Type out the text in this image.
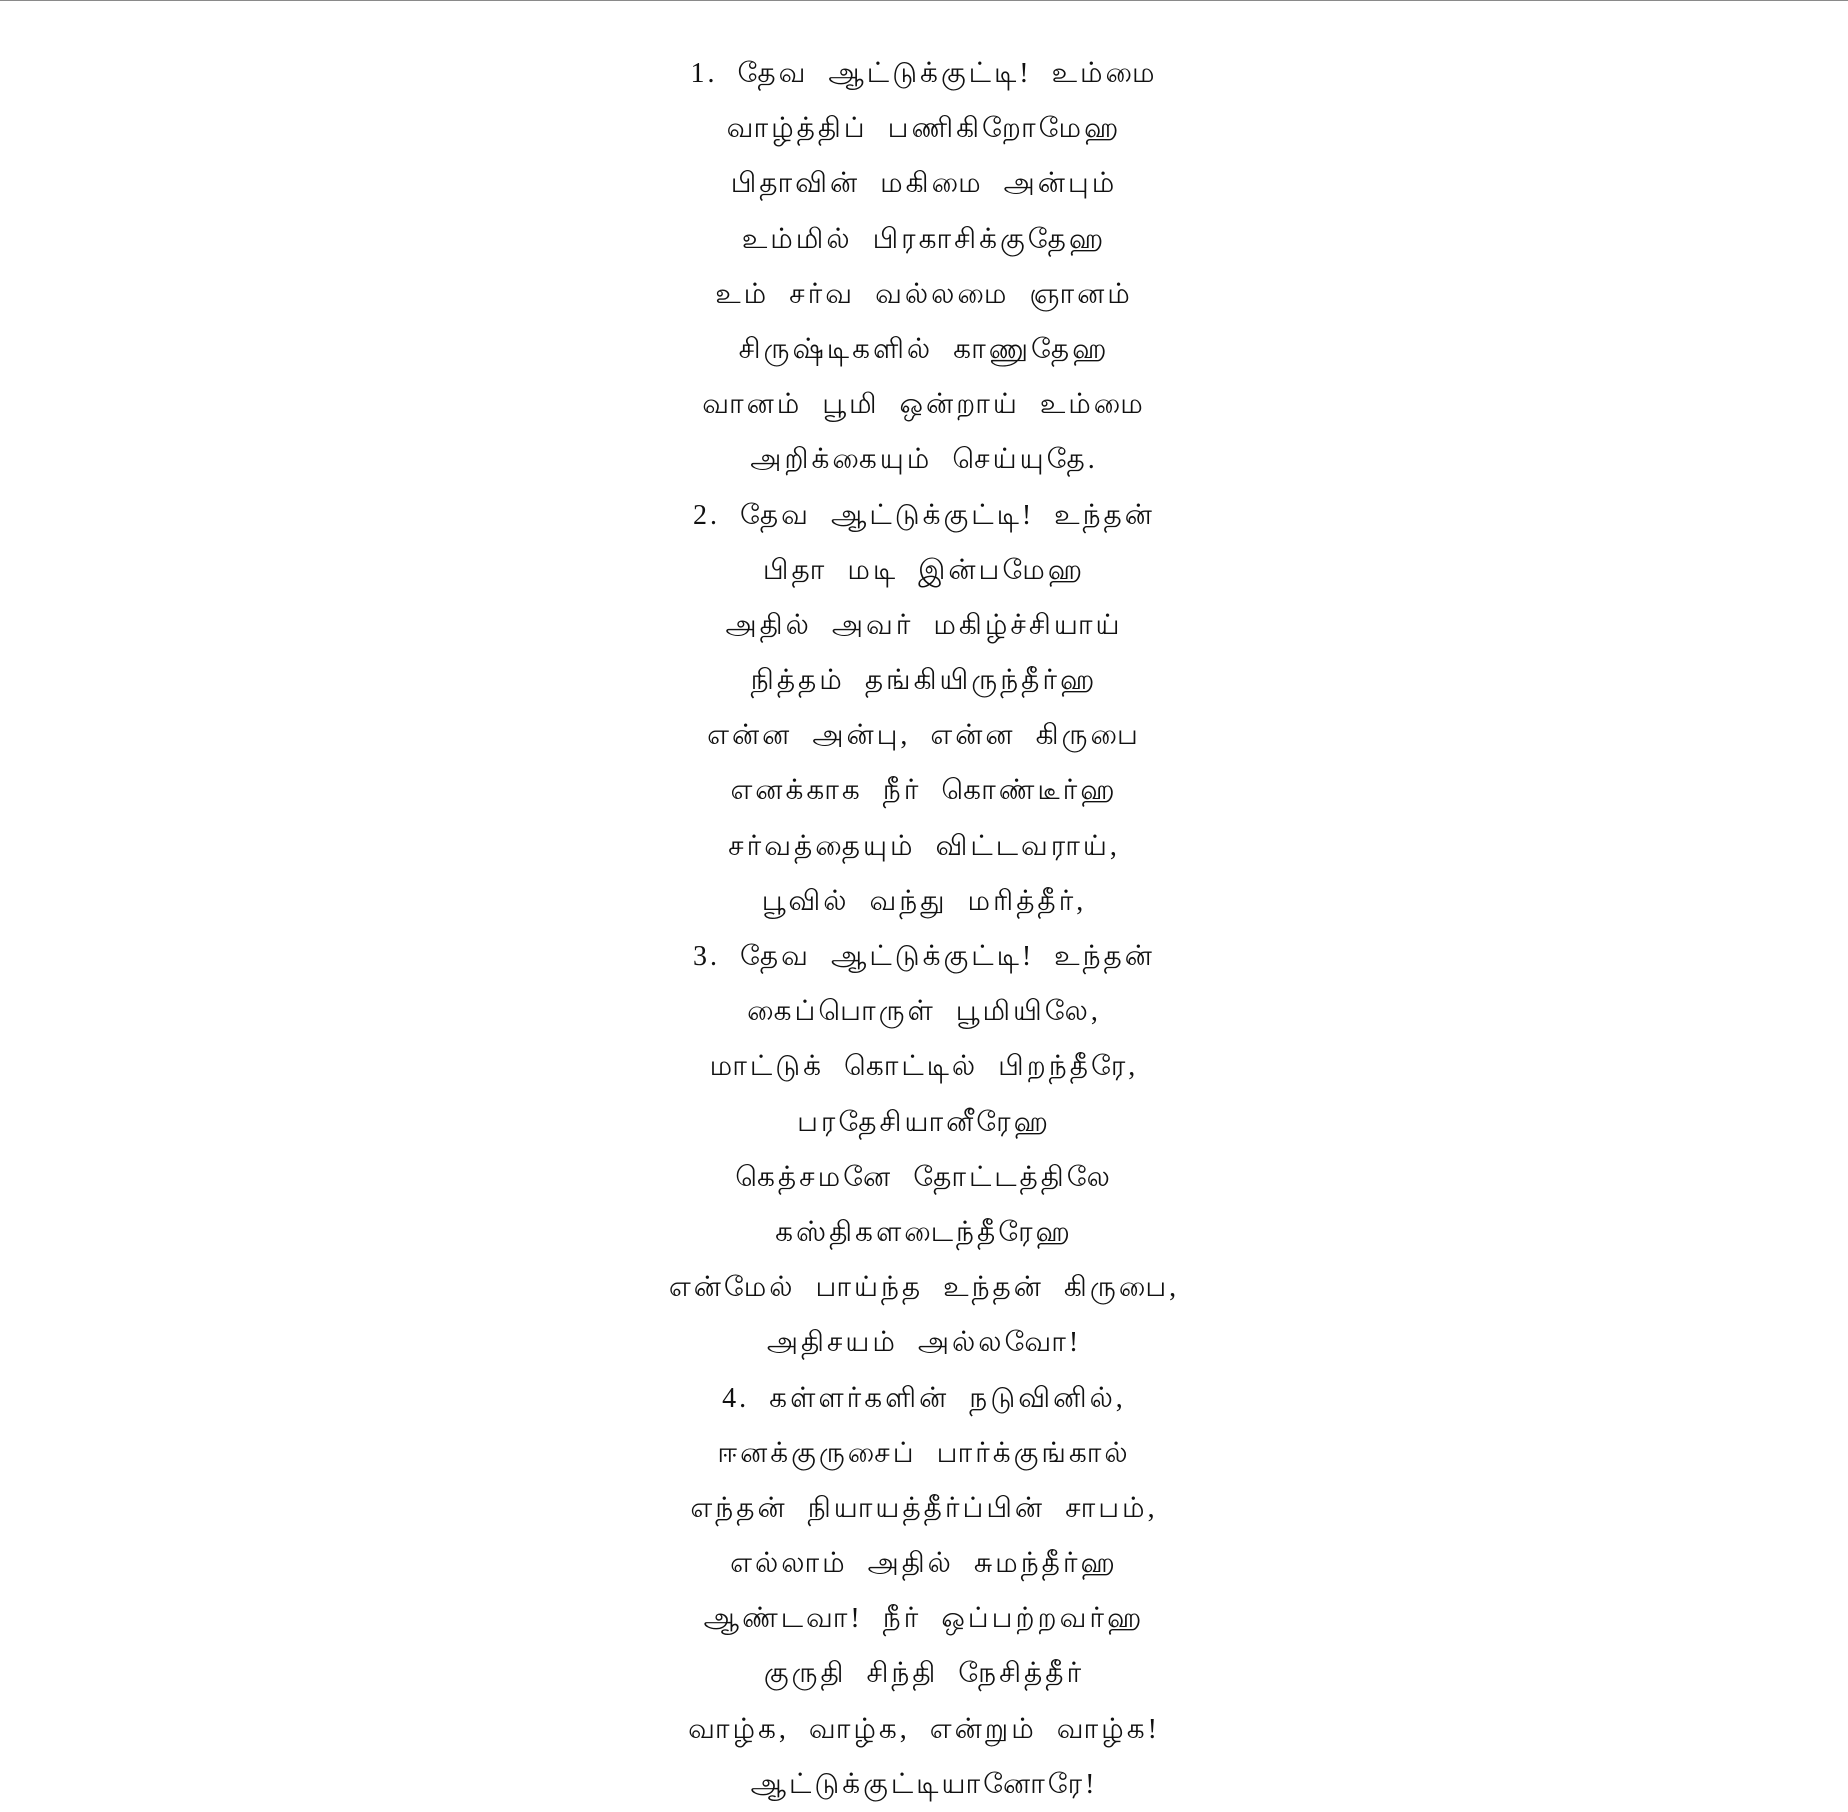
1. தேவ ஆட்டுக்குட்டி! உம்மை
வாழ்த்திப் பணிகிறோமேஹ
பிதாவின் மகிமை அன்பும்
உம்மில் பிரகாசிக்குதேஹ
உம் சர்வ வல்லமை ஞானம்
சிருஷ்டிகளில் காணுதேஹ
வானம் பூமி ஒன்றாய் உம்மை
அறிக்கையும் செய்யுதே.
2. தேவ ஆட்டுக்குட்டி! உந்தன்
பிதா மடி இன்பமேஹ
அதில் அவர் மகிழ்ச்சியாய்
நித்தம் தங்கியிருந்தீர்ஹ
என்ன அன்பு, என்ன கிருபை
எனக்காக நீர் கொண்டீர்ஹ
சர்வத்தையும் விட்டவராய்,
பூவில் வந்து மரித்தீர்,
3. தேவ ஆட்டுக்குட்டி! உந்தன்
கைப்பொருள் பூமியிலே,
மாட்டுக் கொட்டில் பிறந்தீரே,
பரதேசியானீரேஹ
கெத்சமனே தோட்டத்திலே
கஸ்திகளடைந்தீரேஹ
என்மேல் பாய்ந்த உந்தன் கிருபை,
அதிசயம் அல்லவோ!
4. கள்ளர்களின் நடுவினில்,
ஈனக்குருசைப் பார்க்குங்கால்
எந்தன் நியாயத்தீர்ப்பின் சாபம்,
எல்லாம் அதில் சுமந்தீர்ஹ
ஆண்டவா! நீர் ஒப்பற்றவர்ஹ
குருதி சிந்தி நேசித்தீர்
வாழ்க, வாழ்க, என்றும் வாழ்க!
ஆட்டுக்குட்டியானோரே!
